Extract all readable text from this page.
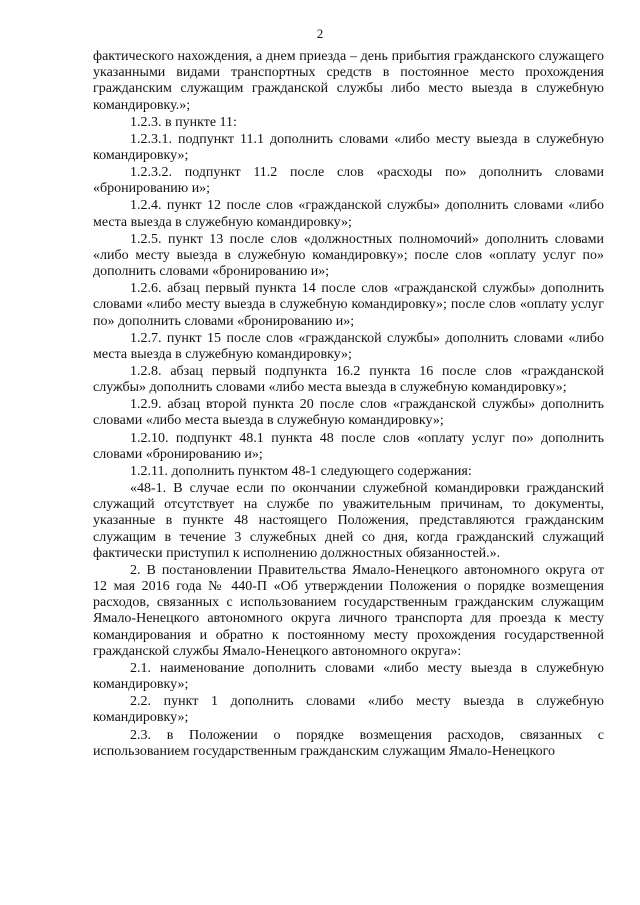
2

фактического нахождения, а днем приезда – день прибытия гражданского служащего указанными видами транспортных средств в постоянное место прохождения гражданским служащим гражданской службы либо место выезда в служебную командировку.»;

1.2.3. в пункте 11:

1.2.3.1. подпункт 11.1 дополнить словами «либо месту выезда в служебную командировку»;

1.2.3.2. подпункт 11.2 после слов «расходы по» дополнить словами «бронированию и»;

1.2.4. пункт 12 после слов «гражданской службы» дополнить словами «либо места выезда в служебную командировку»;

1.2.5. пункт 13 после слов «должностных полномочий» дополнить словами «либо месту выезда в служебную командировку»; после слов «оплату услуг по» дополнить словами «бронированию и»;

1.2.6. абзац первый пункта 14 после слов «гражданской службы» дополнить словами «либо месту выезда в служебную командировку»; после слов «оплату услуг по» дополнить словами «бронированию и»;

1.2.7. пункт 15 после слов «гражданской службы» дополнить словами «либо места выезда в служебную командировку»;

1.2.8. абзац первый подпункта 16.2 пункта 16 после слов «гражданской службы» дополнить словами «либо места выезда в служебную командировку»;

1.2.9. абзац второй пункта 20 после слов «гражданской службы» дополнить словами «либо места выезда в служебную командировку»;

1.2.10. подпункт 48.1 пункта 48 после слов «оплату услуг по» дополнить словами «бронированию и»;

1.2.11. дополнить пунктом 48-1 следующего содержания:

«48-1. В случае если по окончании служебной командировки гражданский служащий отсутствует на службе по уважительным причинам, то документы, указанные в пункте 48 настоящего Положения, представляются гражданским служащим в течение 3 служебных дней со дня, когда гражданский служащий фактически приступил к исполнению должностных обязанностей.».

2. В постановлении Правительства Ямало-Ненецкого автономного округа от 12 мая 2016 года № 440-П «Об утверждении Положения о порядке возмещения расходов, связанных с использованием государственным гражданским служащим Ямало-Ненецкого автономного округа личного транспорта для проезда к месту командирования и обратно к постоянному месту прохождения государственной гражданской службы Ямало-Ненецкого автономного округа»:

2.1. наименование дополнить словами «либо месту выезда в служебную командировку»;

2.2. пункт 1 дополнить словами «либо месту выезда в служебную командировку»;

2.3. в Положении о порядке возмещения расходов, связанных с использованием государственным гражданским служащим Ямало-Ненецкого
